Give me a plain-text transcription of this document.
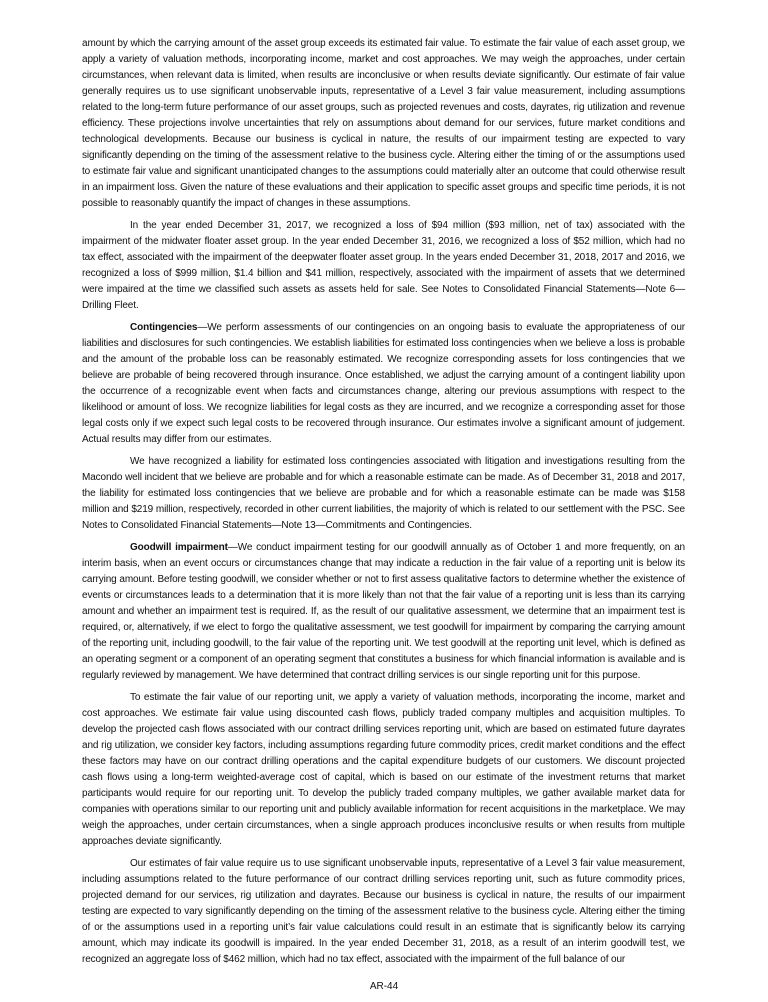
amount by which the carrying amount of the asset group exceeds its estimated fair value. To estimate the fair value of each asset group, we apply a variety of valuation methods, incorporating income, market and cost approaches. We may weigh the approaches, under certain circumstances, when relevant data is limited, when results are inconclusive or when results deviate significantly. Our estimate of fair value generally requires us to use significant unobservable inputs, representative of a Level 3 fair value measurement, including assumptions related to the long-term future performance of our asset groups, such as projected revenues and costs, dayrates, rig utilization and revenue efficiency. These projections involve uncertainties that rely on assumptions about demand for our services, future market conditions and technological developments. Because our business is cyclical in nature, the results of our impairment testing are expected to vary significantly depending on the timing of the assessment relative to the business cycle. Altering either the timing of or the assumptions used to estimate fair value and significant unanticipated changes to the assumptions could materially alter an outcome that could otherwise result in an impairment loss. Given the nature of these evaluations and their application to specific asset groups and specific time periods, it is not possible to reasonably quantify the impact of changes in these assumptions.

In the year ended December 31, 2017, we recognized a loss of $94 million ($93 million, net of tax) associated with the impairment of the midwater floater asset group. In the year ended December 31, 2016, we recognized a loss of $52 million, which had no tax effect, associated with the impairment of the deepwater floater asset group. In the years ended December 31, 2018, 2017 and 2016, we recognized a loss of $999 million, $1.4 billion and $41 million, respectively, associated with the impairment of assets that we determined were impaired at the time we classified such assets as assets held for sale. See Notes to Consolidated Financial Statements—Note 6—Drilling Fleet.

Contingencies—We perform assessments of our contingencies on an ongoing basis to evaluate the appropriateness of our liabilities and disclosures for such contingencies. We establish liabilities for estimated loss contingencies when we believe a loss is probable and the amount of the probable loss can be reasonably estimated. We recognize corresponding assets for loss contingencies that we believe are probable of being recovered through insurance. Once established, we adjust the carrying amount of a contingent liability upon the occurrence of a recognizable event when facts and circumstances change, altering our previous assumptions with respect to the likelihood or amount of loss. We recognize liabilities for legal costs as they are incurred, and we recognize a corresponding asset for those legal costs only if we expect such legal costs to be recovered through insurance. Our estimates involve a significant amount of judgement. Actual results may differ from our estimates.

We have recognized a liability for estimated loss contingencies associated with litigation and investigations resulting from the Macondo well incident that we believe are probable and for which a reasonable estimate can be made. As of December 31, 2018 and 2017, the liability for estimated loss contingencies that we believe are probable and for which a reasonable estimate can be made was $158 million and $219 million, respectively, recorded in other current liabilities, the majority of which is related to our settlement with the PSC. See Notes to Consolidated Financial Statements—Note 13—Commitments and Contingencies.

Goodwill impairment—We conduct impairment testing for our goodwill annually as of October 1 and more frequently, on an interim basis, when an event occurs or circumstances change that may indicate a reduction in the fair value of a reporting unit is below its carrying amount. Before testing goodwill, we consider whether or not to first assess qualitative factors to determine whether the existence of events or circumstances leads to a determination that it is more likely than not that the fair value of a reporting unit is less than its carrying amount and whether an impairment test is required. If, as the result of our qualitative assessment, we determine that an impairment test is required, or, alternatively, if we elect to forgo the qualitative assessment, we test goodwill for impairment by comparing the carrying amount of the reporting unit, including goodwill, to the fair value of the reporting unit. We test goodwill at the reporting unit level, which is defined as an operating segment or a component of an operating segment that constitutes a business for which financial information is available and is regularly reviewed by management. We have determined that contract drilling services is our single reporting unit for this purpose.

To estimate the fair value of our reporting unit, we apply a variety of valuation methods, incorporating the income, market and cost approaches. We estimate fair value using discounted cash flows, publicly traded company multiples and acquisition multiples. To develop the projected cash flows associated with our contract drilling services reporting unit, which are based on estimated future dayrates and rig utilization, we consider key factors, including assumptions regarding future commodity prices, credit market conditions and the effect these factors may have on our contract drilling operations and the capital expenditure budgets of our customers. We discount projected cash flows using a long-term weighted-average cost of capital, which is based on our estimate of the investment returns that market participants would require for our reporting unit. To develop the publicly traded company multiples, we gather available market data for companies with operations similar to our reporting unit and publicly available information for recent acquisitions in the marketplace. We may weigh the approaches, under certain circumstances, when a single approach produces inconclusive results or when results from multiple approaches deviate significantly.

Our estimates of fair value require us to use significant unobservable inputs, representative of a Level 3 fair value measurement, including assumptions related to the future performance of our contract drilling services reporting unit, such as future commodity prices, projected demand for our services, rig utilization and dayrates. Because our business is cyclical in nature, the results of our impairment testing are expected to vary significantly depending on the timing of the assessment relative to the business cycle. Altering either the timing of or the assumptions used in a reporting unit’s fair value calculations could result in an estimate that is significantly below its carrying amount, which may indicate its goodwill is impaired. In the year ended December 31, 2018, as a result of an interim goodwill test, we recognized an aggregate loss of $462 million, which had no tax effect, associated with the impairment of the full balance of our

AR-44
